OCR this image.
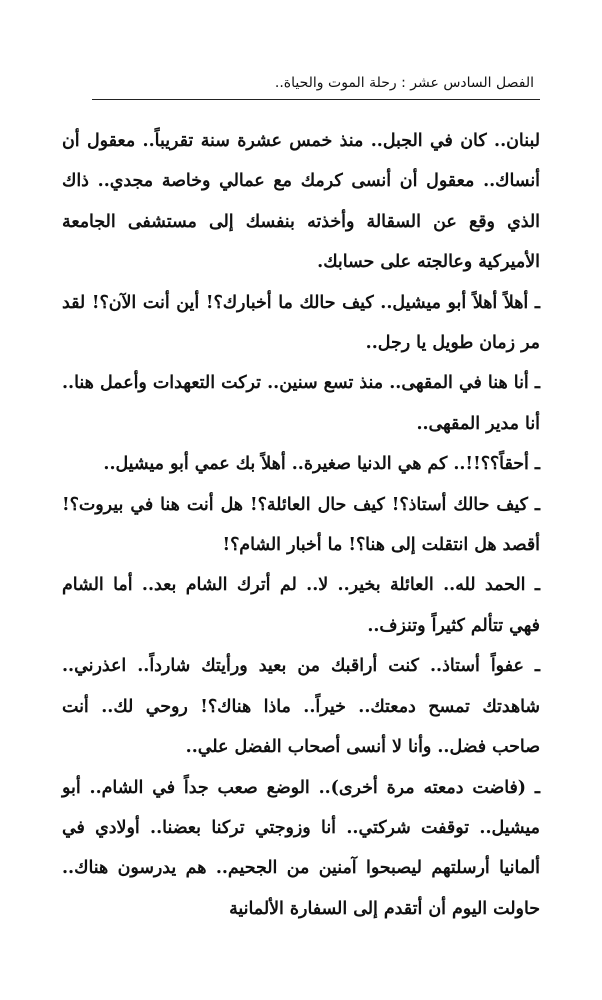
الفصل السادس عشر : رحلة الموت والحياة..

لبنان.. كان في الجبل.. منذ خمس عشرة سنة تقريباً.. معقول أن أنساك.. معقول أن أنسى كرمك مع عمالي وخاصة مجدي.. ذاك الذي وقع عن السقالة وأخذته بنفسك إلى مستشفى الجامعة الأميركية وعالجته على حسابك.

ـ أهلاً أهلاً أبو ميشيل.. كيف حالك ما أخبارك؟! أين أنت الآن؟! لقد مر زمان طويل يا رجل..

ـ أنا هنا في المقهى.. منذ تسع سنين.. تركت التعهدات وأعمل هنا.. أنا مدير المقهى..

ـ أحقاً؟؟!!.. كم هي الدنيا صغيرة.. أهلاً بك عمي أبو ميشيل..

ـ كيف حالك أستاذ؟! كيف حال العائلة؟! هل أنت هنا في بيروت؟! أقصد هل انتقلت إلى هنا؟! ما أخبار الشام؟!

ـ الحمد لله.. العائلة بخير.. لا.. لم أترك الشام بعد.. أما الشام فهي تتألم كثيراً وتنزف..

ـ عفواً أستاذ.. كنت أراقبك من بعيد ورأيتك شارداً.. اعذرني.. شاهدتك تمسح دمعتك.. خيراً.. ماذا هناك؟! روحي لك.. أنت صاحب فضل.. وأنا لا أنسى أصحاب الفضل علي..

ـ (فاضت دمعته مرة أخرى).. الوضع صعب جداً في الشام.. أبو ميشيل.. توقفت شركتي.. أنا وزوجتي تركنا بعضنا.. أولادي في ألمانيا أرسلتهم ليصبحوا آمنين من الجحيم.. هم يدرسون هناك.. حاولت اليوم أن أتقدم إلى السفارة الألمانية
